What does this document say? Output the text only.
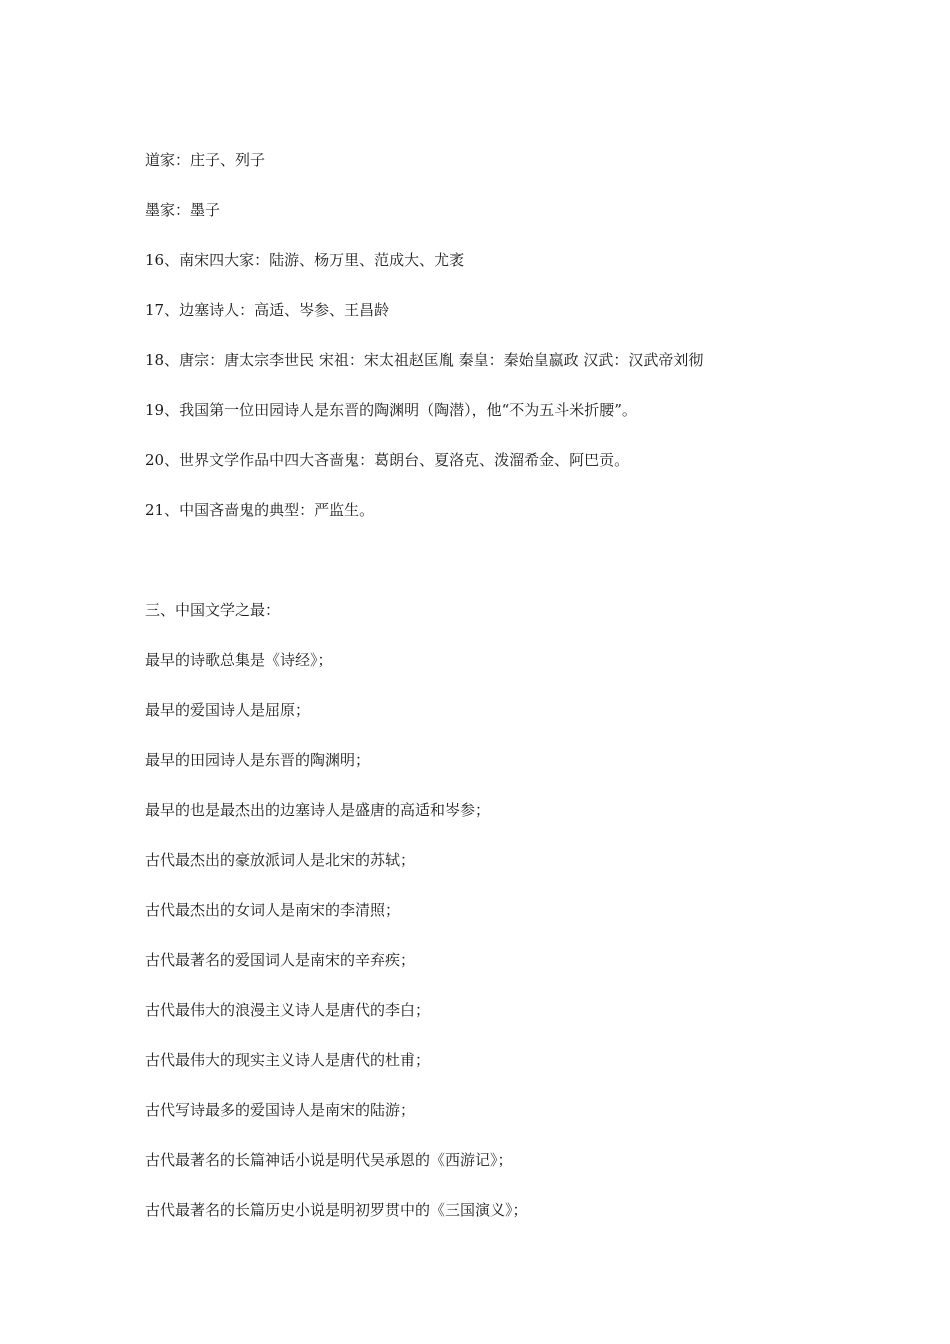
道家：庄子、列子

墨家：墨子

16、南宋四大家：陆游、杨万里、范成大、尤袤

17、边塞诗人：高适、岑参、王昌龄

18、唐宗：唐太宗李世民 宋祖：宋太祖赵匡胤 秦皇：秦始皇嬴政 汉武：汉武帝刘彻

19、我国第一位田园诗人是东晋的陶渊明（陶潜），他“不为五斗米折腰”。

20、世界文学作品中四大吝啬鬼：葛朗台、夏洛克、泼溜希金、阿巴贡。

21、中国吝啬鬼的典型：严监生。

三、中国文学之最：

最早的诗歌总集是《诗经》；

最早的爱国诗人是屈原；

最早的田园诗人是东晋的陶渊明；

最早的也是最杰出的边塞诗人是盛唐的高适和岑参；

古代最杰出的豪放派词人是北宋的苏轼；

古代最杰出的女词人是南宋的李清照；

古代最著名的爱国词人是南宋的辛弃疾；

古代最伟大的浪漫主义诗人是唐代的李白；

古代最伟大的现实主义诗人是唐代的杜甫；

古代写诗最多的爱国诗人是南宋的陆游；

古代最著名的长篇神话小说是明代吴承恩的《西游记》；

古代最著名的长篇历史小说是明初罗贯中的《三国演义》；
